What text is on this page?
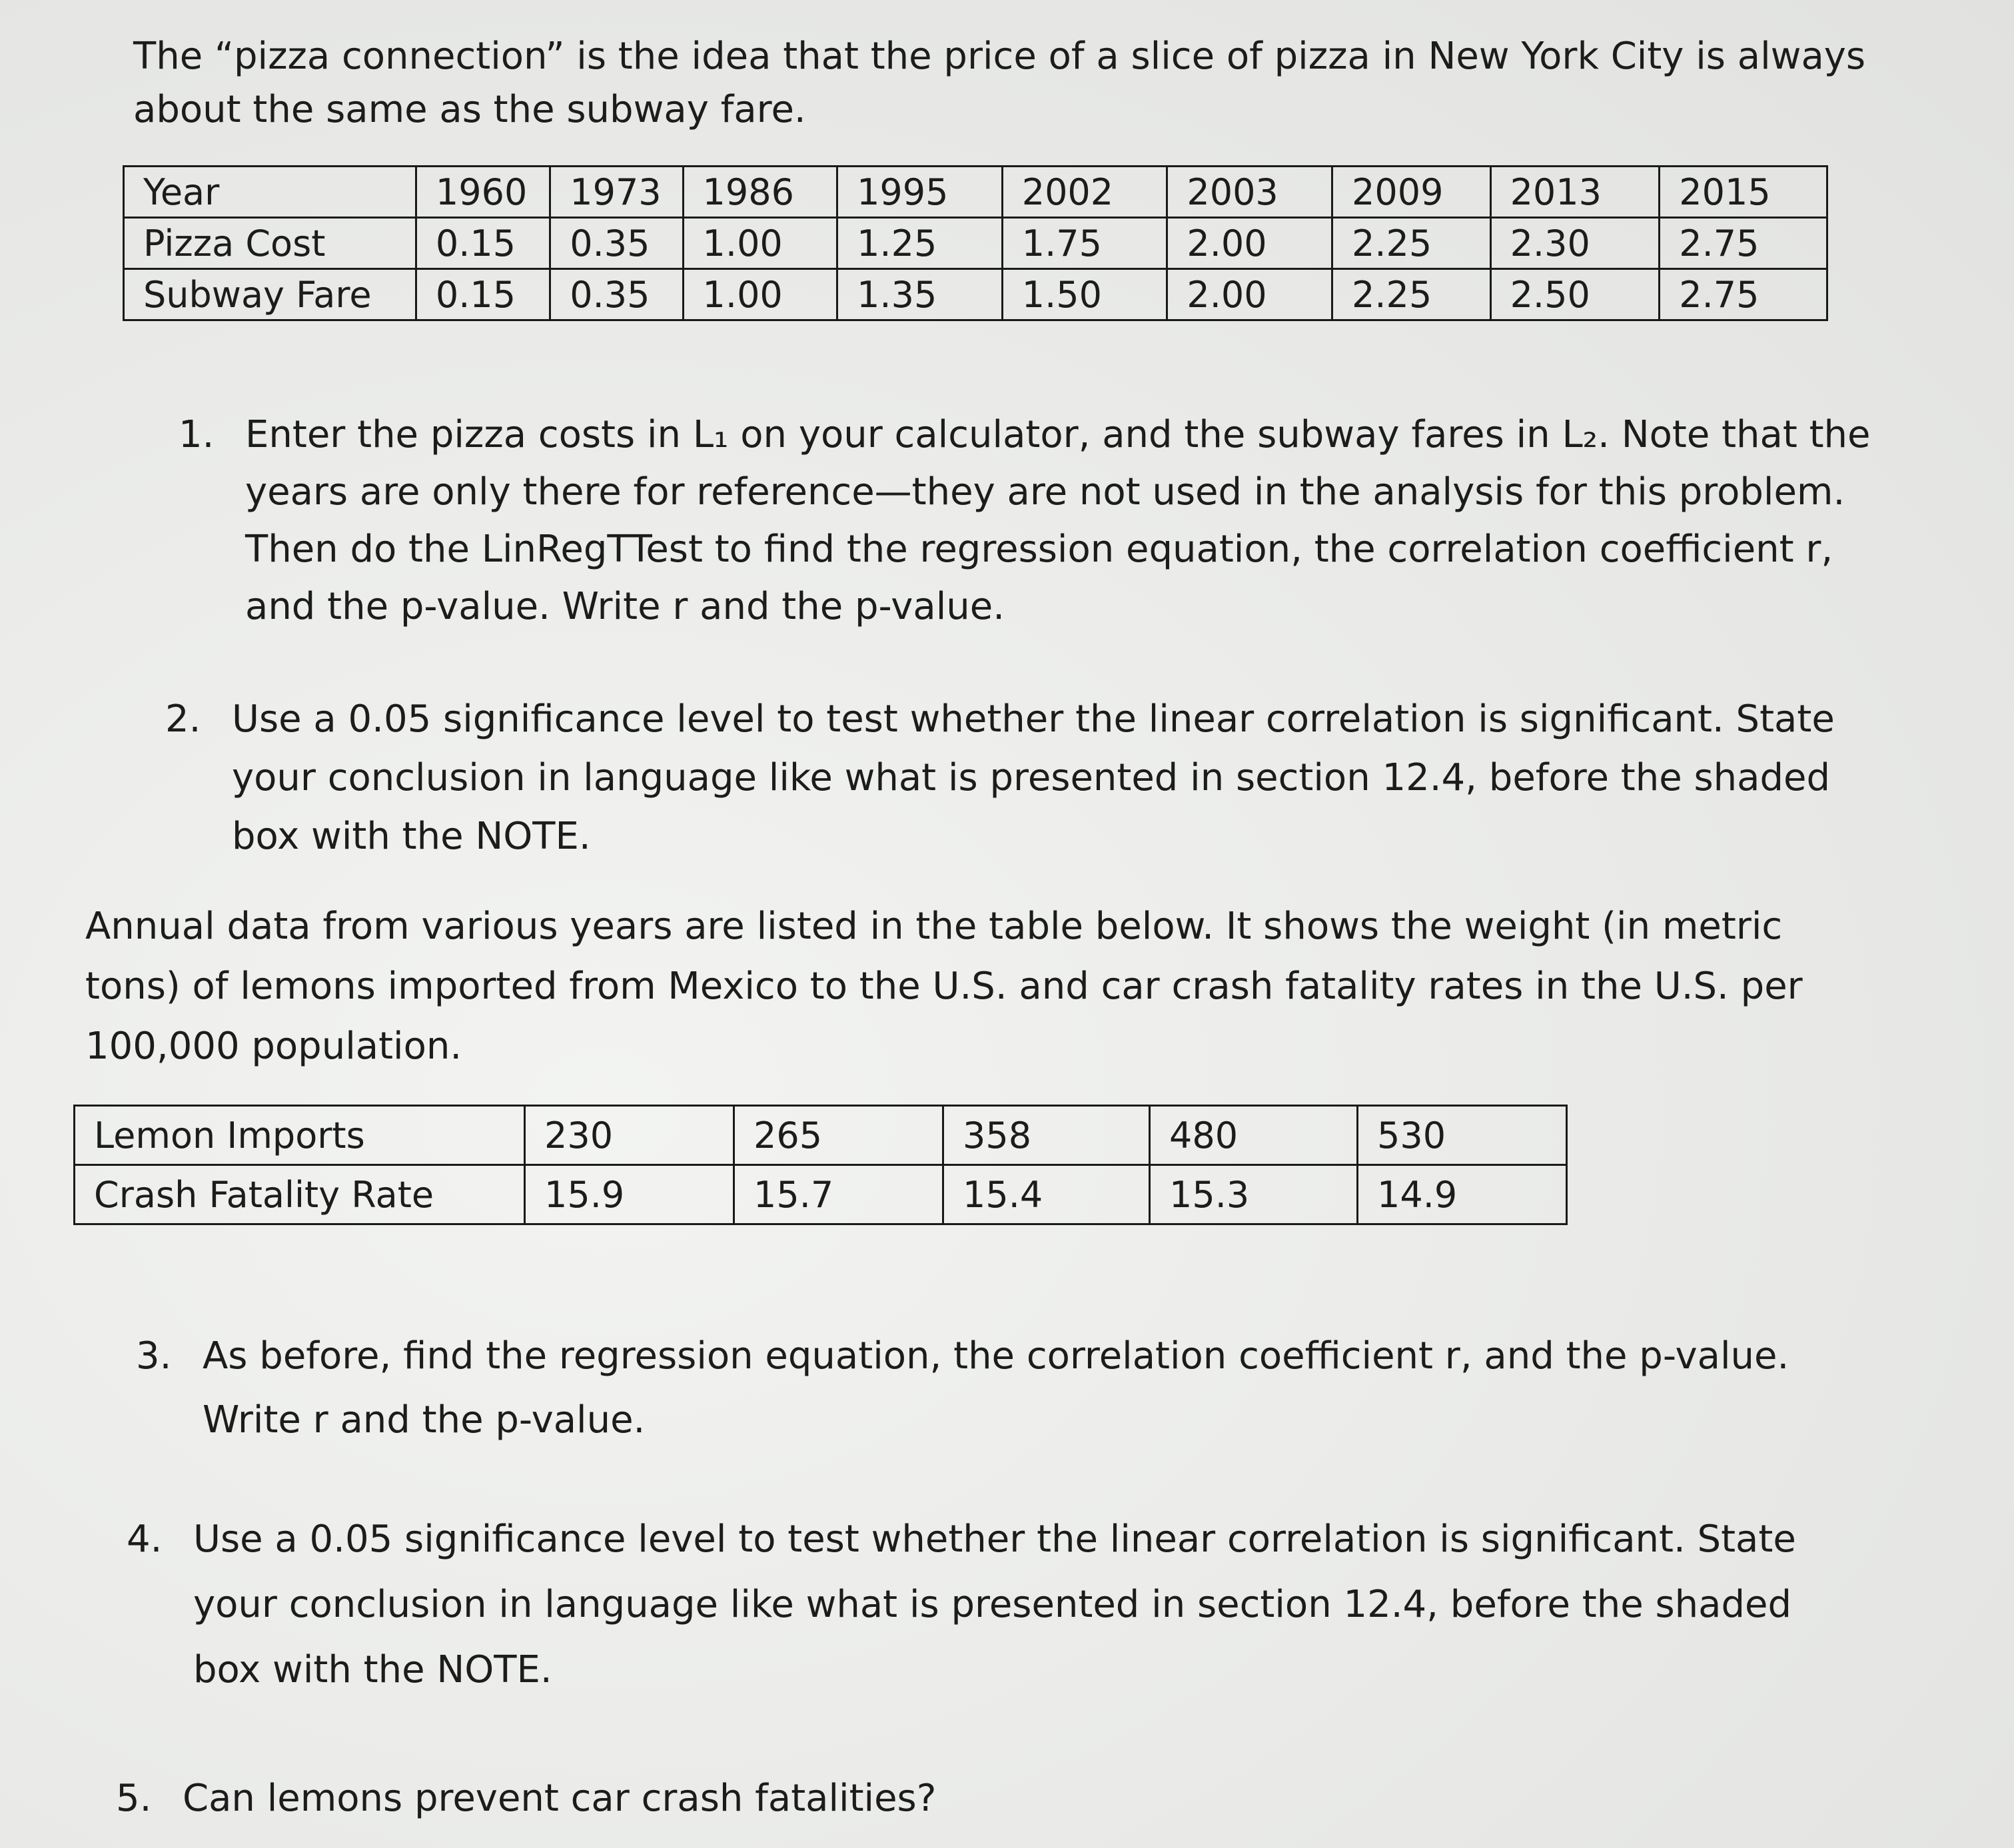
The “pizza connection” is the idea that the price of a slice of pizza in New York City is always
about the same as the subway fare.

Year	1960	1973	1986	1995	2002	2003	2009	2013	2015
Pizza Cost	0.15	0.35	1.00	1.25	1.75	2.00	2.25	2.30	2.75
Subway Fare	0.15	0.35	1.00	1.35	1.50	2.00	2.25	2.50	2.75
1. Enter the pizza costs in L₁ on your calculator, and the subway fares in L₂. Note that the
years are only there for reference—they are not used in the analysis for this problem.
Then do the LinRegTTest to find the regression equation, the correlation coefficient r,
and the p-value. Write r and the p-value.
2. Use a 0.05 significance level to test whether the linear correlation is significant. State
your conclusion in language like what is presented in section 12.4, before the shaded
box with the NOTE.

Annual data from various years are listed in the table below. It shows the weight (in metric
tons) of lemons imported from Mexico to the U.S. and car crash fatality rates in the U.S. per
100,000 population.

Lemon Imports	230	265	358	480	530
Crash Fatality Rate	15.9	15.7	15.4	15.3	14.9
3. As before, find the regression equation, the correlation coefficient r, and the p-value.
Write r and the p-value.
4. Use a 0.05 significance level to test whether the linear correlation is significant. State
your conclusion in language like what is presented in section 12.4, before the shaded
box with the NOTE.
5. Can lemons prevent car crash fatalities?
